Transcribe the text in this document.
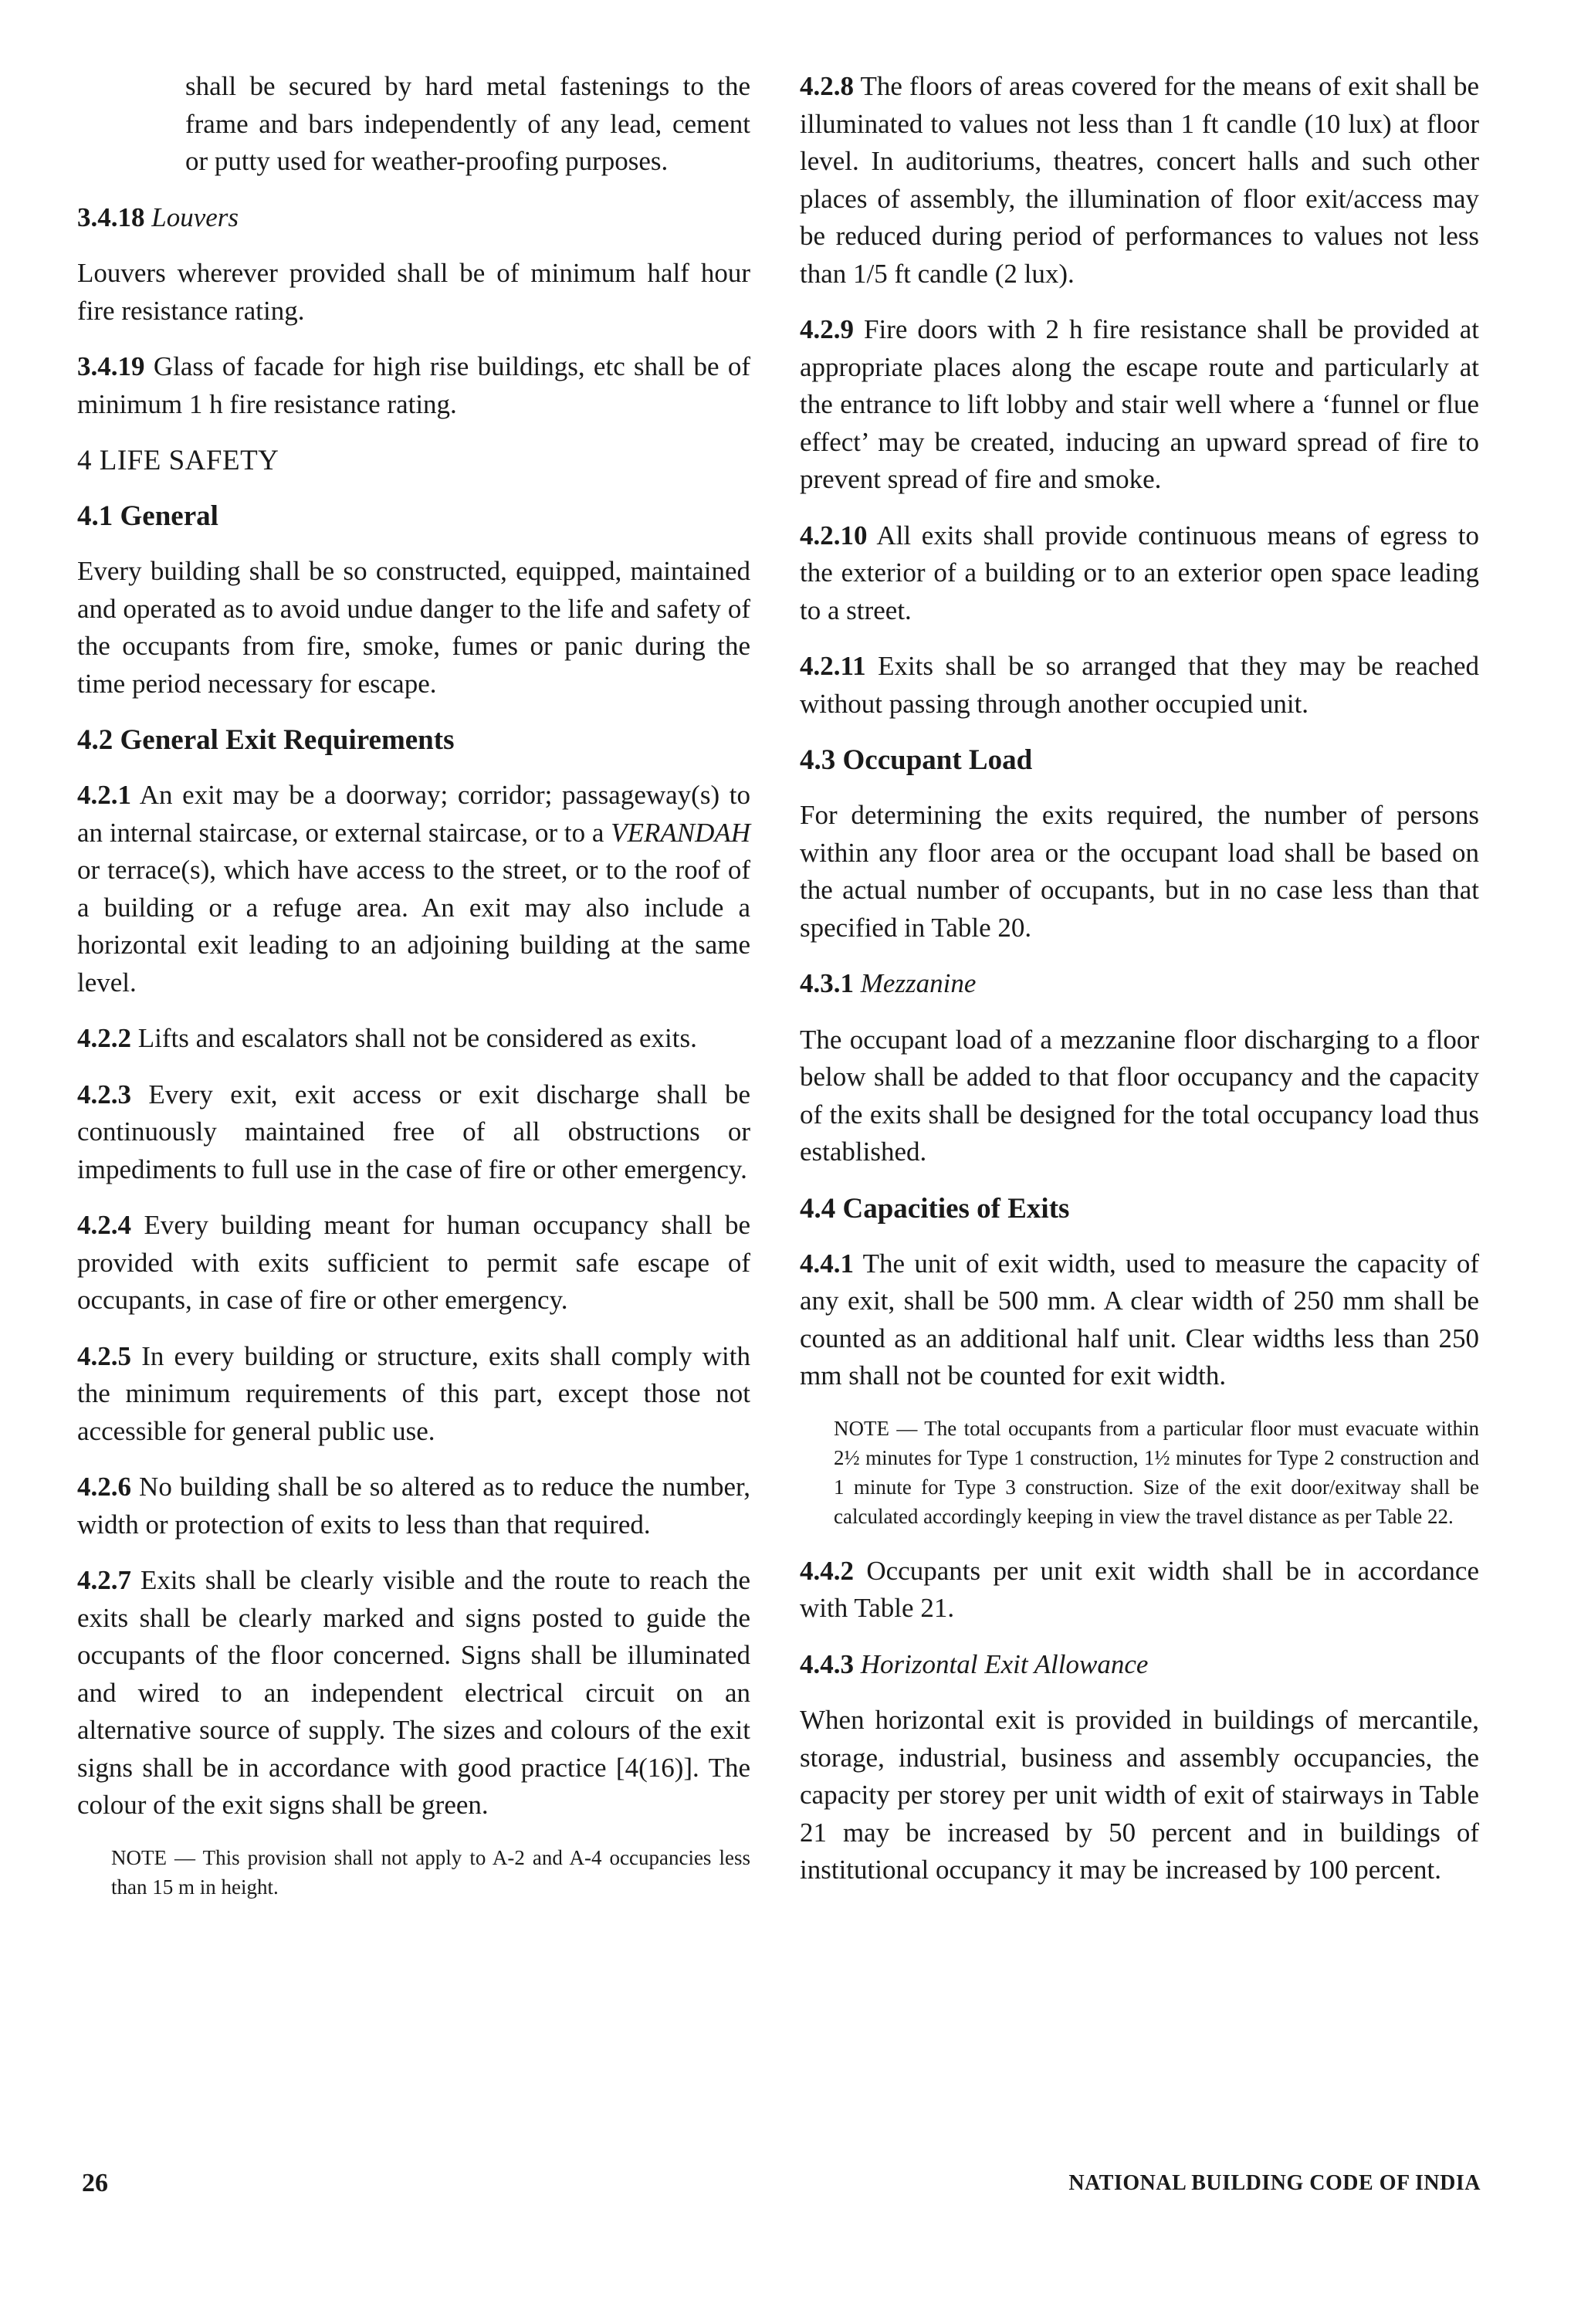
shall be secured by hard metal fastenings to the frame and bars independently of any lead, cement or putty used for weather-proofing purposes.

3.4.18 Louvers

Louvers wherever provided shall be of minimum half hour fire resistance rating.

3.4.19 Glass of facade for high rise buildings, etc shall be of minimum 1 h fire resistance rating.

4 LIFE SAFETY
4.1 General

Every building shall be so constructed, equipped, maintained and operated as to avoid undue danger to the life and safety of the occupants from fire, smoke, fumes or panic during the time period necessary for escape.

4.2 General Exit Requirements

4.2.1 An exit may be a doorway; corridor; passageway(s) to an internal staircase, or external staircase, or to a VERANDAH or terrace(s), which have access to the street, or to the roof of a building or a refuge area. An exit may also include a horizontal exit leading to an adjoining building at the same level.

4.2.2 Lifts and escalators shall not be considered as exits.

4.2.3 Every exit, exit access or exit discharge shall be continuously maintained free of all obstructions or impediments to full use in the case of fire or other emergency.

4.2.4 Every building meant for human occupancy shall be provided with exits sufficient to permit safe escape of occupants, in case of fire or other emergency.

4.2.5 In every building or structure, exits shall comply with the minimum requirements of this part, except those not accessible for general public use.

4.2.6 No building shall be so altered as to reduce the number, width or protection of exits to less than that required.

4.2.7 Exits shall be clearly visible and the route to reach the exits shall be clearly marked and signs posted to guide the occupants of the floor concerned. Signs shall be illuminated and wired to an independent electrical circuit on an alternative source of supply. The sizes and colours of the exit signs shall be in accordance with good practice [4(16)]. The colour of the exit signs shall be green.

NOTE — This provision shall not apply to A-2 and A-4 occupancies less than 15 m in height.

4.2.8 The floors of areas covered for the means of exit shall be illuminated to values not less than 1 ft candle (10 lux) at floor level. In auditoriums, theatres, concert halls and such other places of assembly, the illumination of floor exit/access may be reduced during period of performances to values not less than 1/5 ft candle (2 lux).

4.2.9 Fire doors with 2 h fire resistance shall be provided at appropriate places along the escape route and particularly at the entrance to lift lobby and stair well where a ‘funnel or flue effect’ may be created, inducing an upward spread of fire to prevent spread of fire and smoke.

4.2.10 All exits shall provide continuous means of egress to the exterior of a building or to an exterior open space leading to a street.

4.2.11 Exits shall be so arranged that they may be reached without passing through another occupied unit.

4.3 Occupant Load

For determining the exits required, the number of persons within any floor area or the occupant load shall be based on the actual number of occupants, but in no case less than that specified in Table 20.

4.3.1 Mezzanine

The occupant load of a mezzanine floor discharging to a floor below shall be added to that floor occupancy and the capacity of the exits shall be designed for the total occupancy load thus established.

4.4 Capacities of Exits

4.4.1 The unit of exit width, used to measure the capacity of any exit, shall be 500 mm. A clear width of 250 mm shall be counted as an additional half unit. Clear widths less than 250 mm shall not be counted for exit width.

NOTE — The total occupants from a particular floor must evacuate within 2½ minutes for Type 1 construction, 1½ minutes for Type 2 construction and 1 minute for Type 3 construction. Size of the exit door/exitway shall be calculated accordingly keeping in view the travel distance as per Table 22.

4.4.2 Occupants per unit exit width shall be in accordance with Table 21.

4.4.3 Horizontal Exit Allowance

When horizontal exit is provided in buildings of mercantile, storage, industrial, business and assembly occupancies, the capacity per storey per unit width of exit of stairways in Table 21 may be increased by 50 percent and in buildings of institutional occupancy it may be increased by 100 percent.

26	NATIONAL BUILDING CODE OF INDIA
